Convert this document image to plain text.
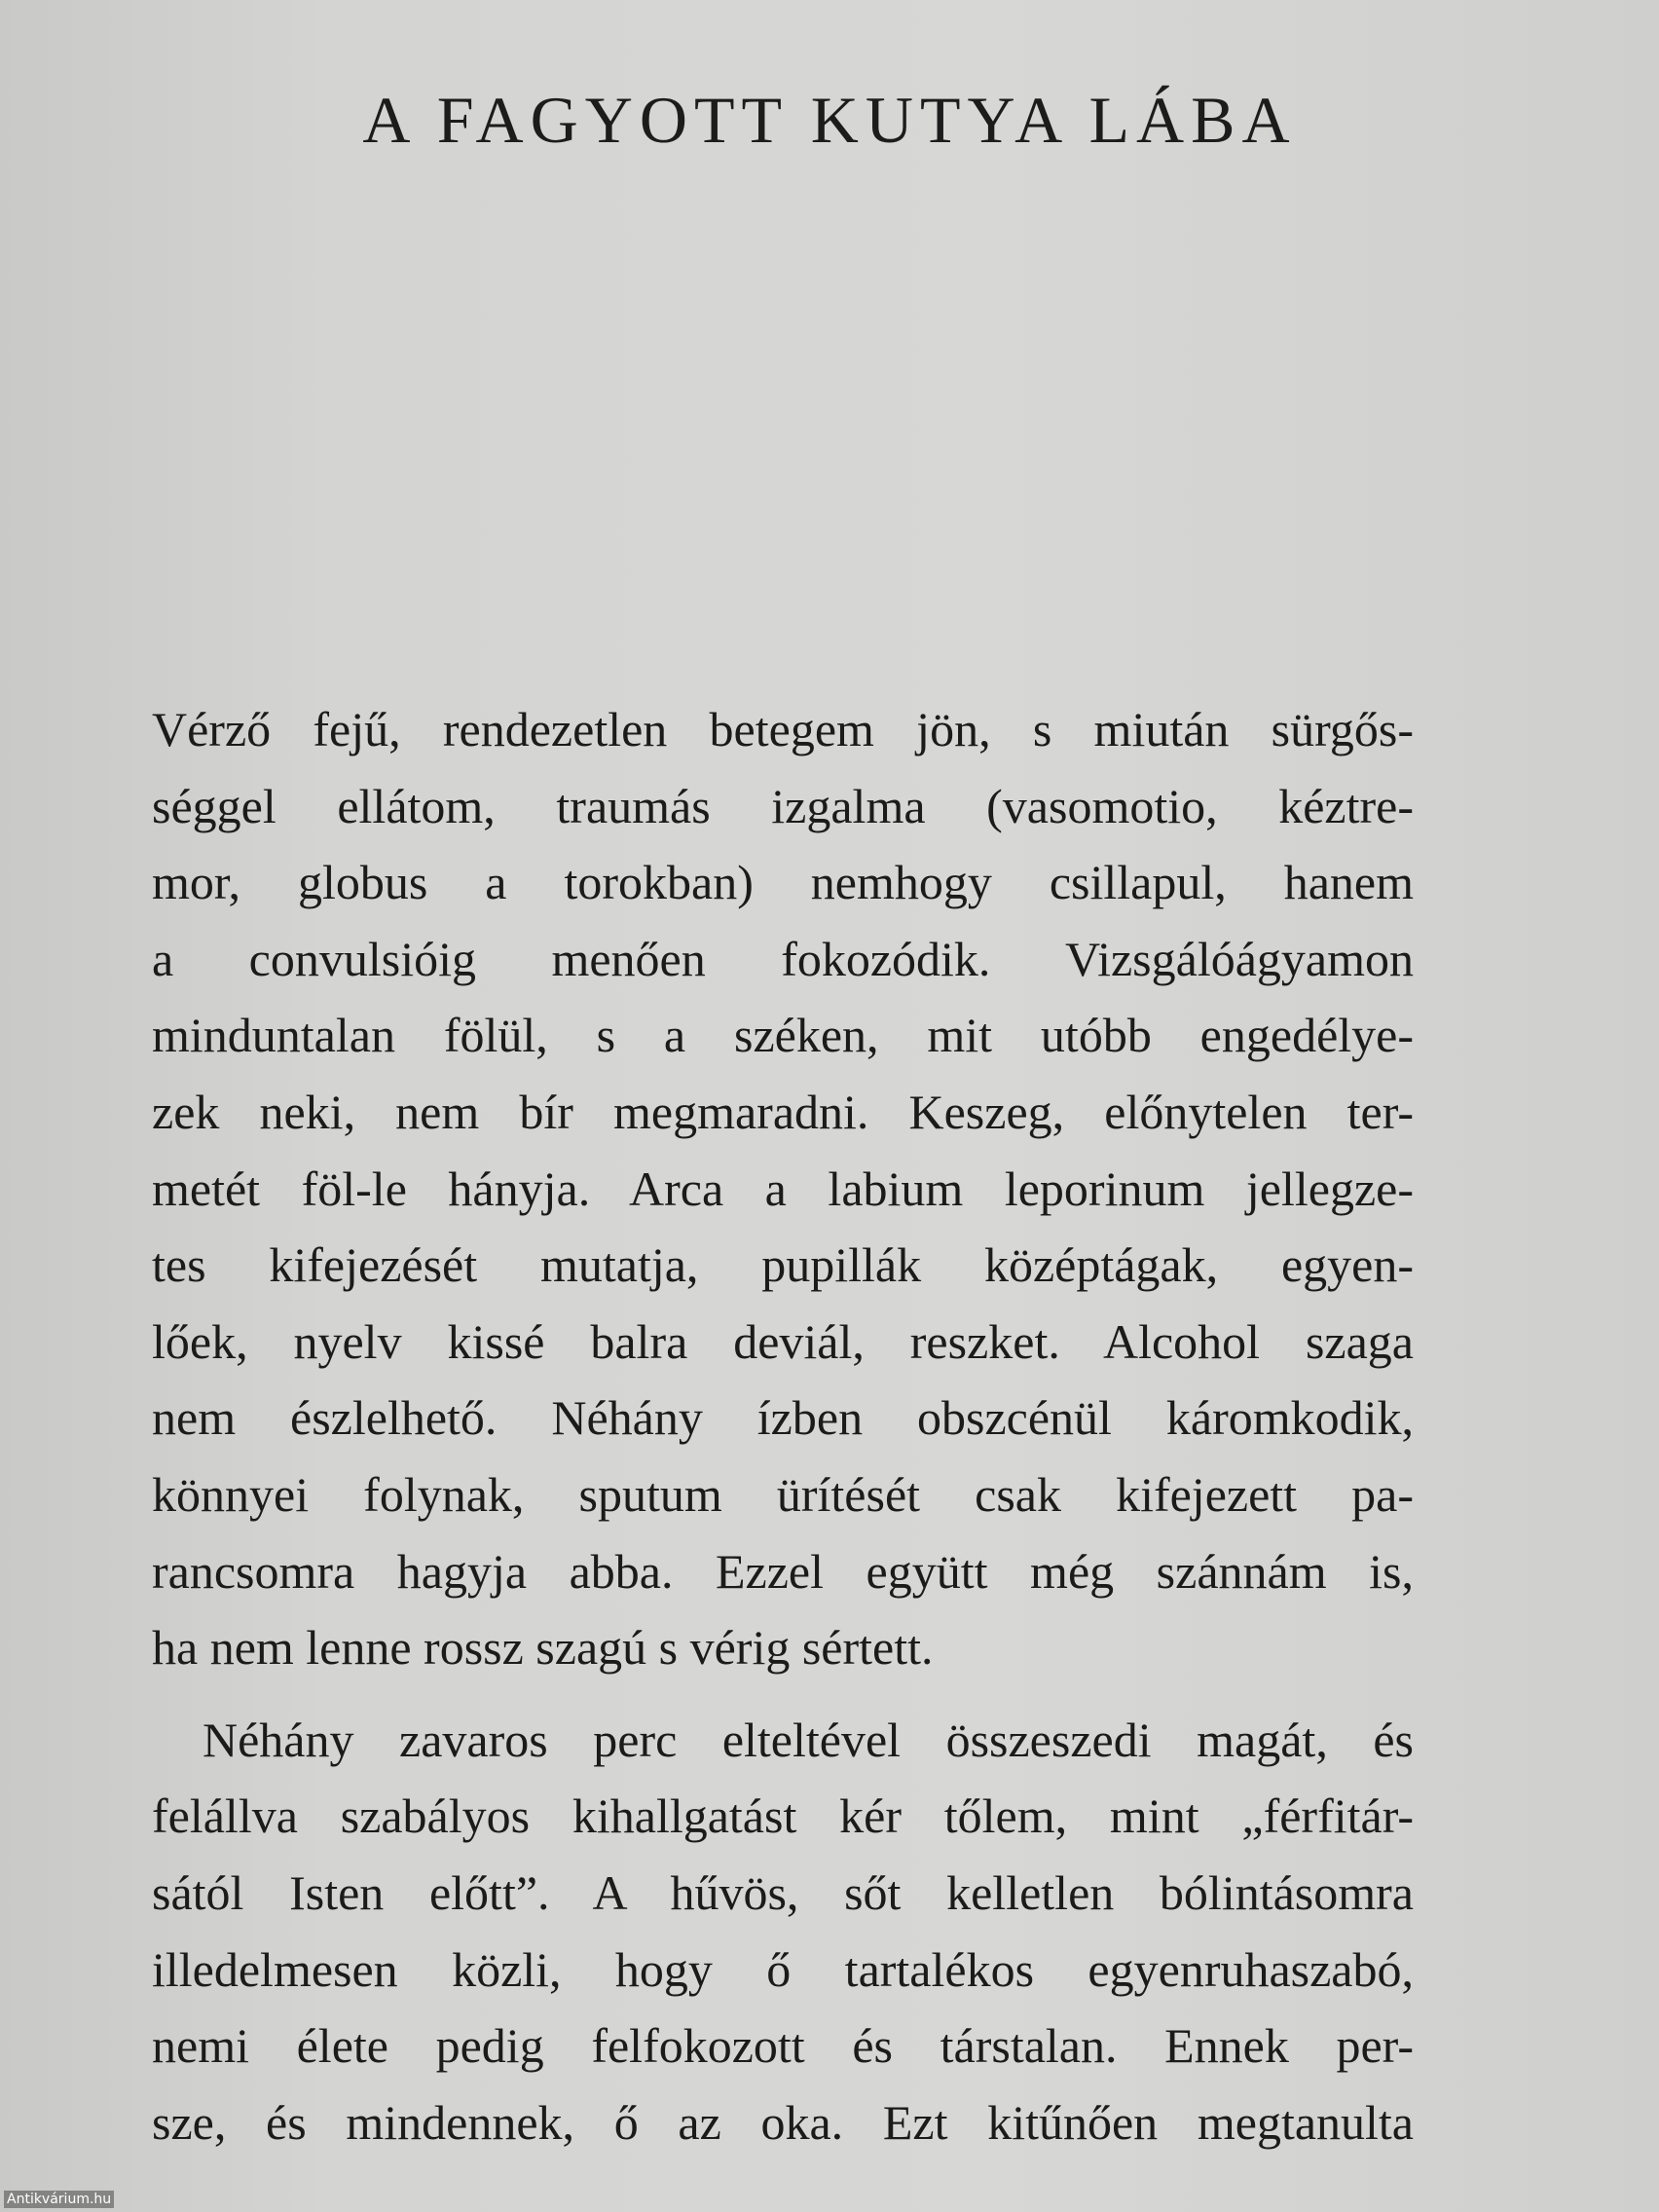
A FAGYOTT KUTYA LÁBA
Vérző fejű, rendezetlen betegem jön, s miután sürgős-
séggel ellátom, traumás izgalma (vasomotio, kéztre-
mor, globus a torokban) nemhogy csillapul, hanem
a convulsióig menően fokozódik. Vizsgálóágyamon
minduntalan fölül, s a széken, mit utóbb engedélye-
zek neki, nem bír megmaradni. Keszeg, előnytelen ter-
metét föl-le hányja. Arca a labium leporinum jellegze-
tes kifejezését mutatja, pupillák középtágak, egyen-
lőek, nyelv kissé balra deviál, reszket. Alcohol szaga
nem észlelhető. Néhány ízben obszcénül káromkodik,
könnyei folynak, sputum ürítését csak kifejezett pa-
rancsomra hagyja abba. Ezzel együtt még szánnám is,
ha nem lenne rossz szagú s vérig sértett.
Néhány zavaros perc elteltével összeszedi magát, és
felállva szabályos kihallgatást kér tőlem, mint „férfitár-
sától Isten előtt”. A hűvös, sőt kelletlen bólintásomra
illedelmesen közli, hogy ő tartalékos egyenruhaszabó,
nemi élete pedig felfokozott és társtalan. Ennek per-
sze, és mindennek, ő az oka. Ezt kitűnően megtanulta
Antikvárium.hu
